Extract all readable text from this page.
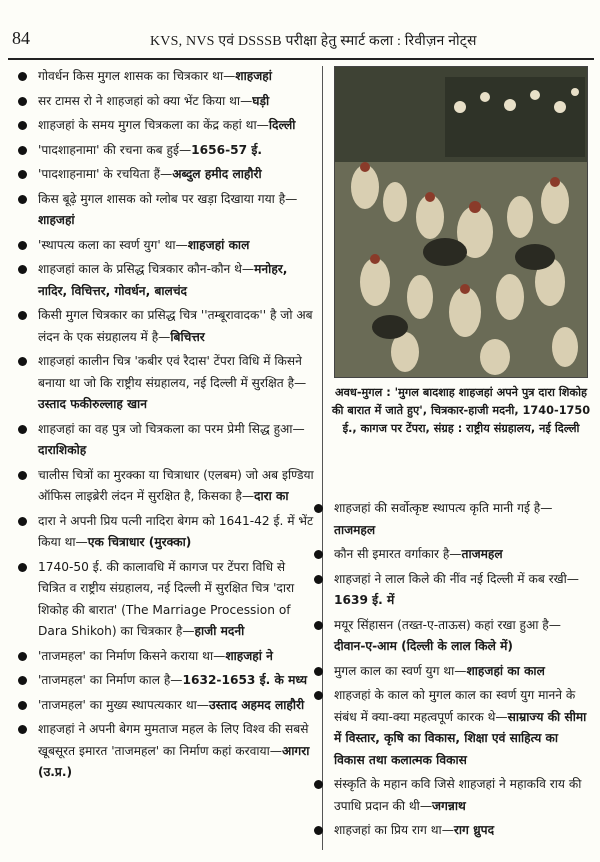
84	KVS, NVS एवं DSSSB परीक्षा हेतु स्मार्ट कला : रिवीज़न नोट्स
गोवर्धन किस मुगल शासक का चित्रकार था—शाहजहां
सर टामस रो ने शाहजहां को क्या भेंट किया था—घड़ी
शाहजहां के समय मुगल चित्रकला का केंद्र कहां था—दिल्ली
'पादशाहनामा' की रचना कब हुई—1656-57 ई.
'पादशाहनामा' के रचयिता हैं—अब्दुल हमीद लाहौरी
किस बूढ़े मुगल शासक को ग्लोब पर खड़ा दिखाया गया है—शाहजहां
'स्थापत्य कला का स्वर्ण युग' था—शाहजहां काल
शाहजहां काल के प्रसिद्ध चित्रकार कौन-कौन थे—मनोहर, नादिर, विचित्तर, गोवर्धन, बालचंद
किसी मुगल चित्रकार का प्रसिद्ध चित्र ''तम्बूरावादक'' है जो अब लंदन के एक संग्रहालय में है—बिचित्तर
शाहजहां कालीन चित्र 'कबीर एवं रैदास' टेंपरा विधि में किसने बनाया था जो कि राष्ट्रीय संग्रहालय, नई दिल्ली में सुरक्षित है—उस्ताद फकीरुल्लाह खान
शाहजहां का वह पुत्र जो चित्रकला का परम प्रेमी सिद्ध हुआ—दाराशिकोह
चालीस चित्रों का मुरक्का या चित्राधार (एलबम) जो अब इण्डिया ऑफिस लाइब्रेरी लंदन में सुरक्षित है, किसका है—दारा का
दारा ने अपनी प्रिय पत्नी नादिरा बेगम को 1641-42 ई. में भेंट किया था—एक चित्राधार (मुरक्का)
1740-50 ई. की कालावधि में कागज पर टेंपरा विधि से चित्रित व राष्ट्रीय संग्रहालय, नई दिल्ली में सुरक्षित चित्र 'दारा शिकोह की बारात' (The Marriage Procession of Dara Shikoh) का चित्रकार है—हाजी मदनी
'ताजमहल' का निर्माण किसने कराया था—शाहजहां ने
'ताजमहल' का निर्माण काल है—1632-1653 ई. के मध्य
'ताजमहल' का मुख्य स्थापत्यकार था—उस्ताद अहमद लाहौरी
शाहजहां ने अपनी बेगम मुमताज महल के लिए विश्व की सबसे खूबसूरत इमारत 'ताजमहल' का निर्माण कहां करवाया—आगरा (उ.प्र.)
अवध-मुगल : 'मुगल बादशाह शाहजहां अपने पुत्र दारा शिकोह की बारात में जाते हुए', चित्रकार-हाजी मदनी, 1740-1750 ई., कागज पर टेंपरा, संग्रह : राष्ट्रीय संग्रहालय, नई दिल्ली
शाहजहां की सर्वोत्कृष्ट स्थापत्य कृति मानी गई है—ताजमहल
कौन सी इमारत वर्गाकार है—ताजमहल
शाहजहां ने लाल किले की नींव नई दिल्ली में कब रखी—1639 ई. में
मयूर सिंहासन (तख्त-ए-ताऊस) कहां रखा हुआ है—दीवान-ए-आम (दिल्ली के लाल किले में)
मुगल काल का स्वर्ण युग था—शाहजहां का काल
शाहजहां के काल को मुगल काल का स्वर्ण युग मानने के संबंध में क्या-क्या महत्वपूर्ण कारक थे—साम्राज्य की सीमा में विस्तार, कृषि का विकास, शिक्षा एवं साहित्य का विकास तथा कलात्मक विकास
संस्कृति के महान कवि जिसे शाहजहां ने महाकवि राय की उपाधि प्रदान की थी—जगन्नाथ
शाहजहां का प्रिय राग था—राग ध्रुपद
